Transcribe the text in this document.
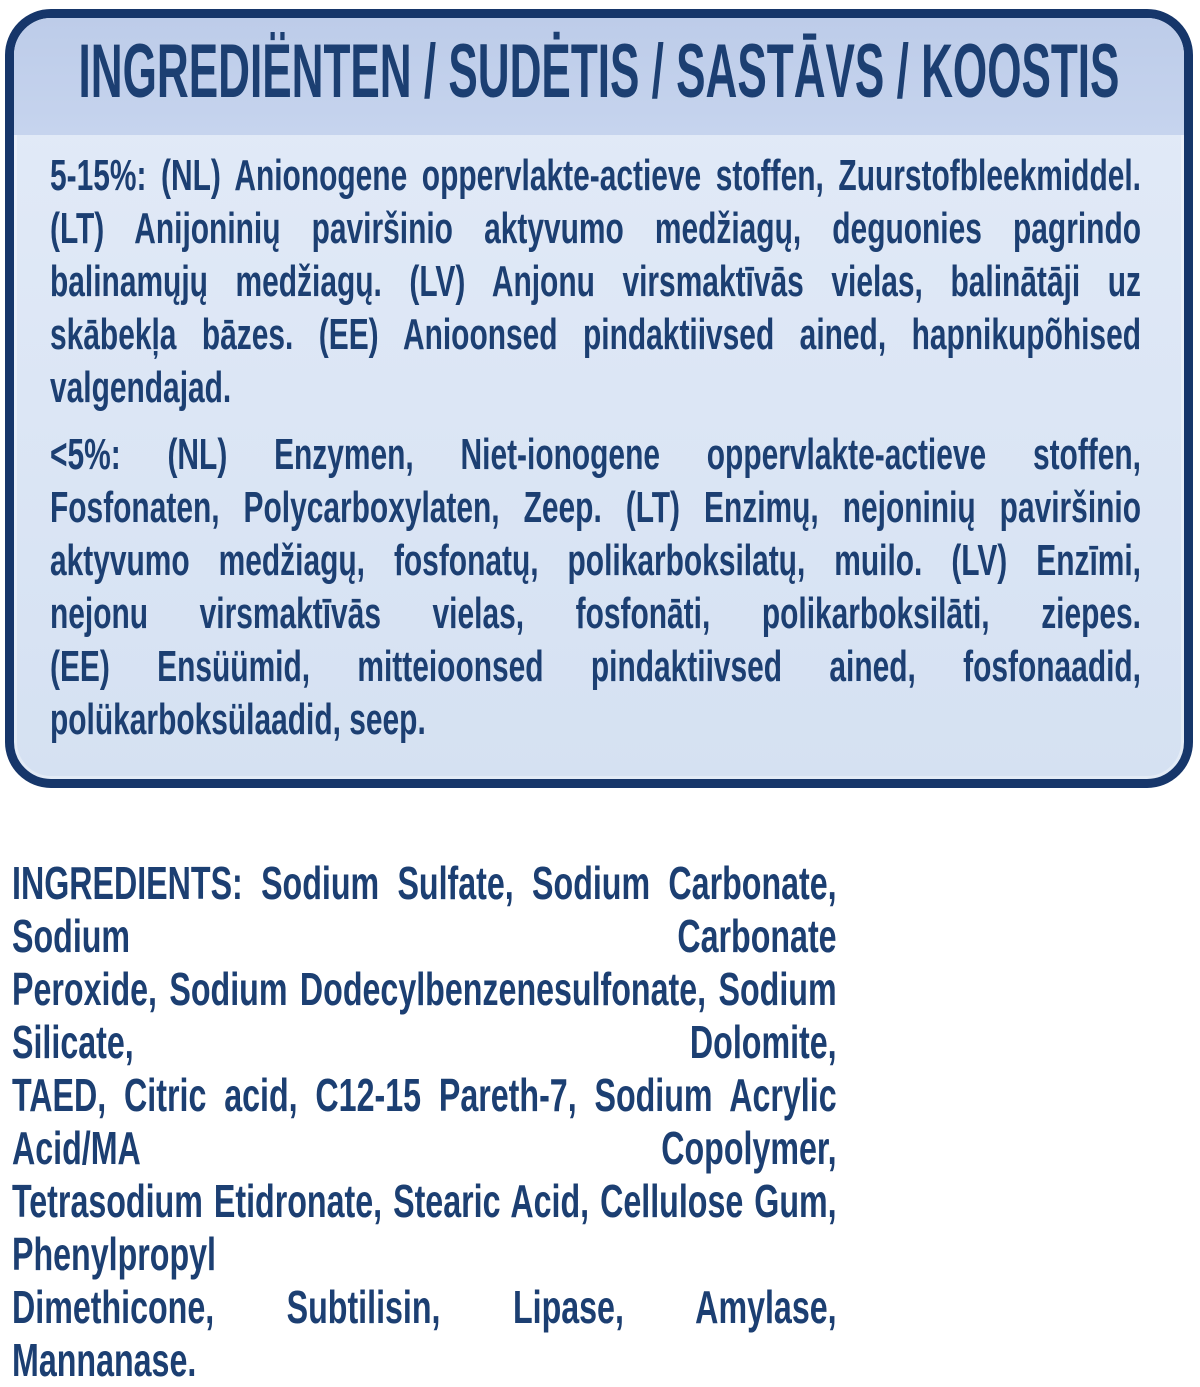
INGREDIËNTEN / SUDĖTIS / SASTĀVS / KOOSTIS
5-15%: (NL) Anionogene oppervlakte-actieve stoffen, Zuurstofbleekmiddel.
(LT) Anijoninių paviršinio aktyvumo medžiagų, deguonies pagrindo
balinamųjų medžiagų. (LV) Anjonu virsmaktīvās vielas, balinātāji uz
skābekļa bāzes. (EE) Anioonsed pindaktiivsed ained, hapnikupõhised
valgendajad.
<5%: (NL) Enzymen, Niet-ionogene oppervlakte-actieve stoffen,
Fosfonaten, Polycarboxylaten, Zeep. (LT) Enzimų, nejoninių paviršinio
aktyvumo medžiagų, fosfonatų, polikarboksilatų, muilo. (LV) Enzīmi,
nejonu virsmaktīvās vielas, fosfonāti, polikarboksilāti, ziepes.
(EE) Ensüümid, mitteioonsed pindaktiivsed ained, fosfonaadid,
polükarboksülaadid, seep.
INGREDIENTS: Sodium Sulfate, Sodium Carbonate, Sodium Carbonate
Peroxide, Sodium Dodecylbenzenesulfonate, Sodium Silicate, Dolomite,
TAED, Citric acid, C12-15 Pareth-7, Sodium Acrylic Acid/MA Copolymer,
Tetrasodium Etidronate, Stearic Acid, Cellulose Gum, Phenylpropyl
Dimethicone, Subtilisin, Lipase, Amylase, Mannanase.
